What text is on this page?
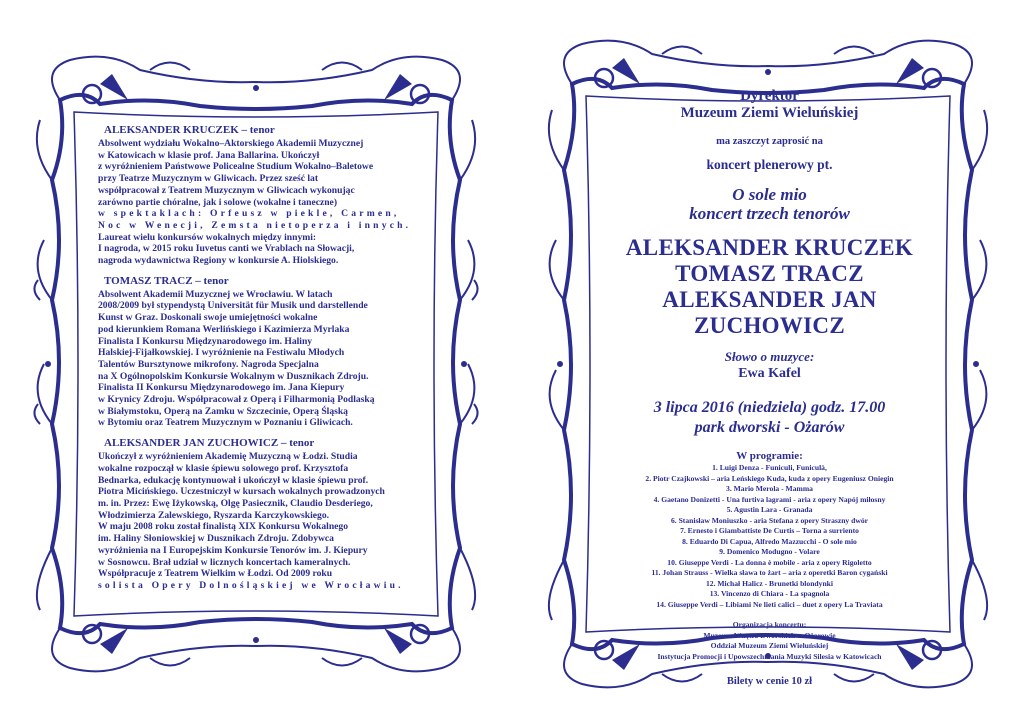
ALEKSANDER KRUCZEK – tenor
Absolwent wydziału Wokalno–Aktorskiego Akademii Muzycznej
w Katowicach w klasie prof. Jana Ballarina. Ukończył
z wyróżnieniem Państwowe Policealne Studium Wokalno–Baletowe
przy Teatrze Muzycznym w Gliwicach. Przez sześć lat
współpracował z Teatrem Muzycznym w Gliwicach wykonując
zarówno partie chóralne, jak i solowe (wokalne i taneczne)
w spektaklach: Orfeusz w piekle, Carmen,
Noc w Wenecji, Zemsta nietoperza i innych.
Laureat wielu konkursów wokalnych między innymi:
I nagroda, w 2015 roku Iuvetus canti we Vrablach na Słowacji,
nagroda wydawnictwa Regiony w konkursie A. Hiolskiego.
TOMASZ TRACZ – tenor
Absolwent Akademii Muzycznej we Wrocławiu. W latach
2008/2009 był stypendystą Universität für Musik und darstellende
Kunst w Graz. Doskonali swoje umiejętności wokalne
pod kierunkiem Romana Werlińskiego i Kazimierza Myrlaka
Finalista I Konkursu Międzynarodowego im. Haliny
Halskiej-Fijałkowskiej. I wyróżnienie na Festiwalu Młodych
Talentów Bursztynowe mikrofony. Nagroda Specjalna
na X Ogólnopolskim Konkursie Wokalnym w Dusznikach Zdroju.
Finalista II Konkursu Międzynarodowego im. Jana Kiepury
w Krynicy Zdroju. Współpracował z Operą i Filharmonią Podlaską
w Białymstoku, Operą na Zamku w Szczecinie, Operą Śląską
w Bytomiu oraz Teatrem Muzycznym w Poznaniu i Gliwicach.
ALEKSANDER JAN ZUCHOWICZ – tenor
Ukończył z wyróżnieniem Akademię Muzyczną w Łodzi. Studia
wokalne rozpoczął w klasie śpiewu solowego prof. Krzysztofa
Bednarka, edukację kontynuował i ukończył w klasie śpiewu prof.
Piotra Micińskiego. Uczestniczył w kursach wokalnych prowadzonych
m. in. Przez: Ewę Iżykowską, Olgę Pasiecznik, Claudio Desderiego,
Włodzimierza Zalewskiego, Ryszarda Karczykowskiego.
W maju 2008 roku został finalistą XIX Konkursu Wokalnego
im. Haliny Słoniowskiej w Dusznikach Zdroju. Zdobywca
wyróżnienia na I Europejskim Konkursie Tenorów im. J. Kiepury
w Sosnowcu. Brał udział w licznych koncertach kameralnych.
Współpracuje z Teatrem Wielkim w Łodzi. Od 2009 roku
solista Opery Dolnośląskiej we Wrocławiu.
Dyrektor
Muzeum Ziemi Wieluńskiej
ma zaszczyt zaprosić na
koncert plenerowy pt.
O sole mio
koncert trzech tenorów
ALEKSANDER KRUCZEK
TOMASZ TRACZ
ALEKSANDER JAN ZUCHOWICZ
Słowo o muzyce:
Ewa Kafel
3 lipca 2016 (niedziela) godz. 17.00
park dworski - Ożarów
W programie:
1. Luigi Denza - Funiculi, Funiculà,
2. Piotr Czajkowski – aria Leńskiego Kuda, kuda z opery Eugeniusz Oniegin
3. Mario Merola - Mamma
4. Gaetano Donizetti - Una furtiva lagrami - aria z opery Napój miłosny
5. Agustin Lara - Granada
6. Stanisław Moniuszko - aria Stefana z opery Straszny dwór
7. Ernesto i Giambattiste De Curtis – Torna a surriento
8. Eduardo Di Capua, Alfredo Mazzucchi - O sole mio
9. Domenico Modugno - Volare
10. Giuseppe Verdi - La donna è mobile - aria z opery Rigoletto
11. Johan Strauss - Wielka sława to żart – aria z operetki Baron cygański
12. Michał Halicz - Brunetki blondynki
13. Vincenzo di Chiara - La spagnola
14. Giuseppe Verdi – Libiami Ne lieti calici – duet z opery La Traviata
Organizacja koncertu:
Muzeum Wnętrz Dworskich w Ożarowie
Oddział Muzeum Ziemi Wieluńskiej
Instytucja Promocji i Upowszechniania Muzyki Silesia w Katowicach
Bilety w cenie 10 zł
